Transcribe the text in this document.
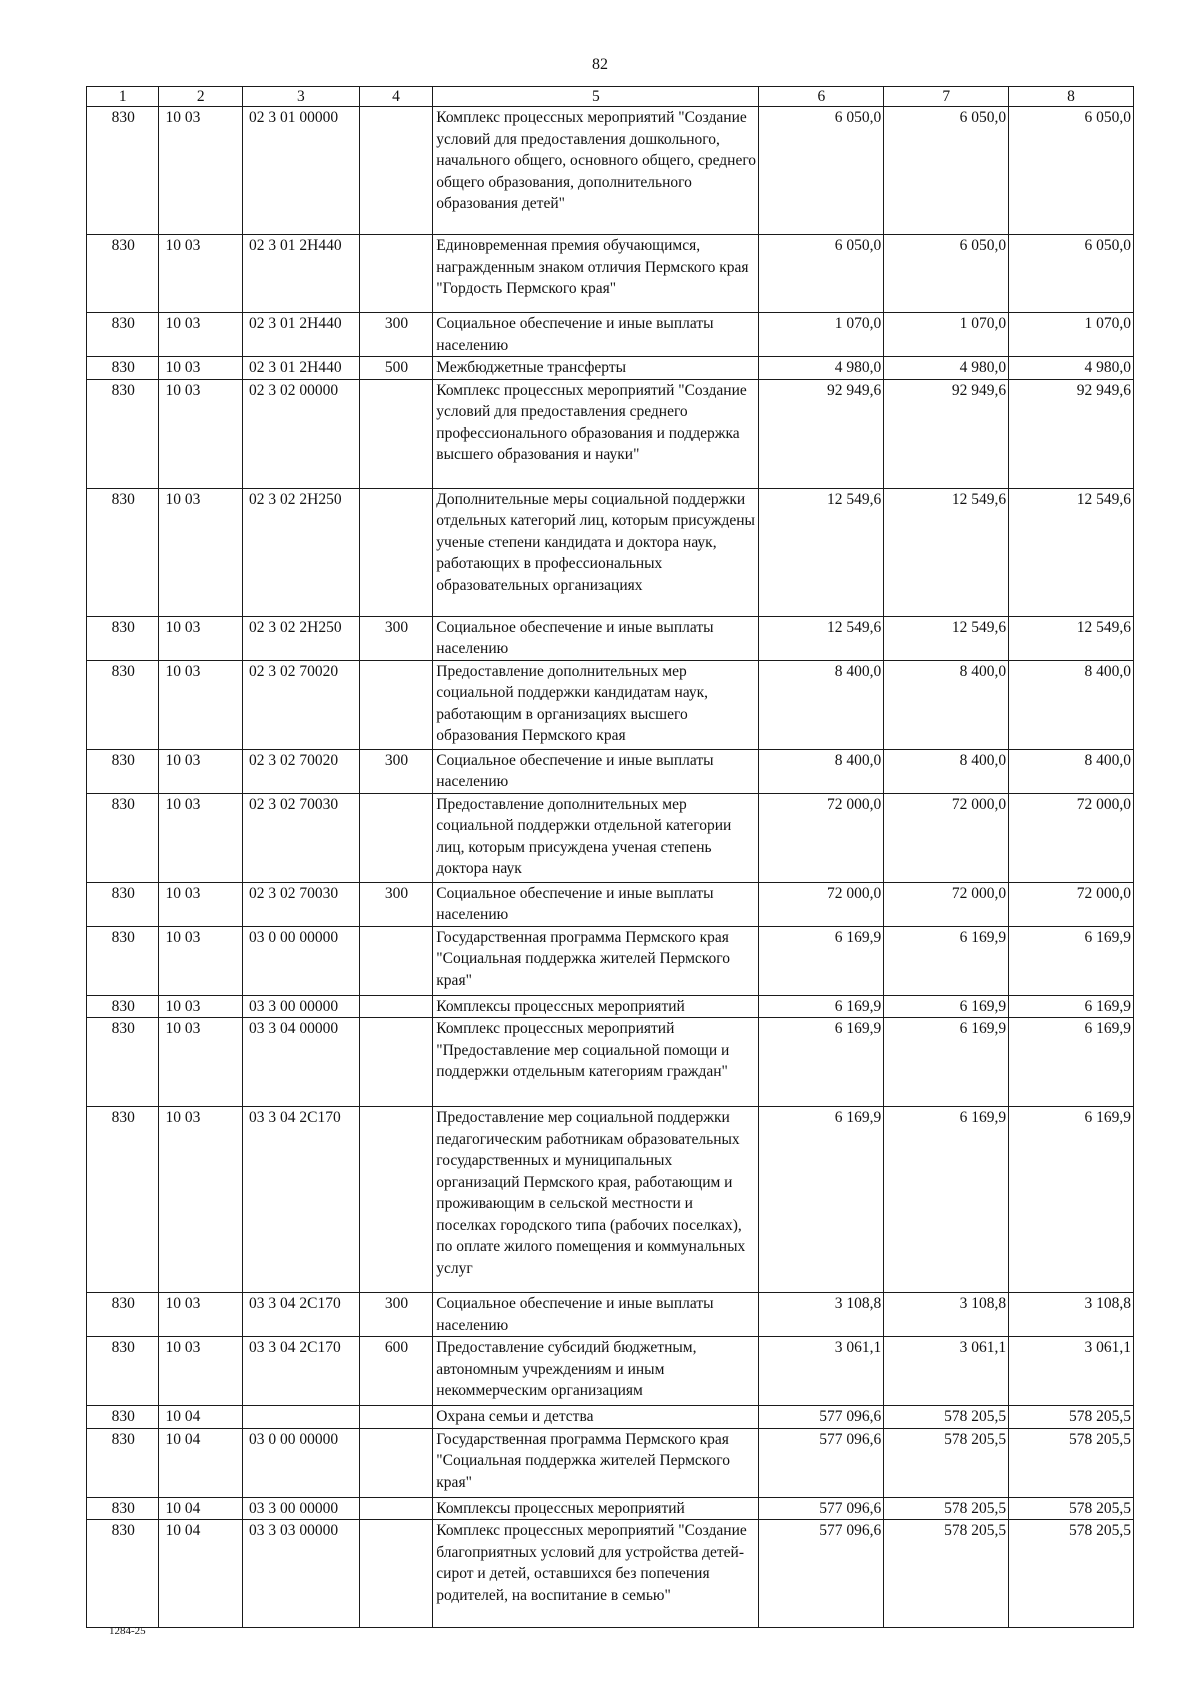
82
1	2	3	4	5	6	7	8
830	10 03	02 3 01 00000		Комплекс процессных мероприятий "Создание условий для предоставления дошкольного, начального общего, основного общего, среднего общего образования, дополнительного образования детей"	6 050,0	6 050,0	6 050,0
830	10 03	02 3 01 2Н440		Единовременная премия обучающимся, награжденным знаком отличия Пермского края "Гордость Пермского края"	6 050,0	6 050,0	6 050,0
830	10 03	02 3 01 2Н440	300	Социальное обеспечение и иные выплаты населению	1 070,0	1 070,0	1 070,0
830	10 03	02 3 01 2Н440	500	Межбюджетные трансферты	4 980,0	4 980,0	4 980,0
830	10 03	02 3 02 00000		Комплекс процессных мероприятий "Создание условий для предоставления среднего профессионального образования и поддержка высшего образования и науки"	92 949,6	92 949,6	92 949,6
830	10 03	02 3 02 2Н250		Дополнительные меры социальной поддержки отдельных категорий лиц, которым присуждены ученые степени кандидата и доктора наук, работающих в профессиональных образовательных организациях	12 549,6	12 549,6	12 549,6
830	10 03	02 3 02 2Н250	300	Социальное обеспечение и иные выплаты населению	12 549,6	12 549,6	12 549,6
830	10 03	02 3 02 70020		Предоставление дополнительных мер социальной поддержки кандидатам наук, работающим в организациях высшего образования Пермского края	8 400,0	8 400,0	8 400,0
830	10 03	02 3 02 70020	300	Социальное обеспечение и иные выплаты населению	8 400,0	8 400,0	8 400,0
830	10 03	02 3 02 70030		Предоставление дополнительных мер социальной поддержки отдельной категории лиц, которым присуждена ученая степень доктора наук	72 000,0	72 000,0	72 000,0
830	10 03	02 3 02 70030	300	Социальное обеспечение и иные выплаты населению	72 000,0	72 000,0	72 000,0
830	10 03	03 0 00 00000		Государственная программа Пермского края "Социальная поддержка жителей Пермского края"	6 169,9	6 169,9	6 169,9
830	10 03	03 3 00 00000		Комплексы процессных мероприятий	6 169,9	6 169,9	6 169,9
830	10 03	03 3 04 00000		Комплекс процессных мероприятий "Предоставление мер социальной помощи и поддержки отдельным категориям граждан"	6 169,9	6 169,9	6 169,9
830	10 03	03 3 04 2С170		Предоставление мер социальной поддержки педагогическим работникам образовательных государственных и муниципальных организаций Пермского края, работающим и проживающим в сельской местности и поселках городского типа (рабочих поселках), по оплате жилого помещения и коммунальных услуг	6 169,9	6 169,9	6 169,9
830	10 03	03 3 04 2С170	300	Социальное обеспечение и иные выплаты населению	3 108,8	3 108,8	3 108,8
830	10 03	03 3 04 2С170	600	Предоставление субсидий бюджетным, автономным учреждениям и иным некоммерческим организациям	3 061,1	3 061,1	3 061,1
830	10 04			Охрана семьи и детства	577 096,6	578 205,5	578 205,5
830	10 04	03 0 00 00000		Государственная программа Пермского края "Социальная поддержка жителей Пермского края"	577 096,6	578 205,5	578 205,5
830	10 04	03 3 00 00000		Комплексы процессных мероприятий	577 096,6	578 205,5	578 205,5
830	10 04	03 3 03 00000		Комплекс процессных мероприятий "Создание благоприятных условий для устройства детей-сирот и детей, оставшихся без попечения родителей, на воспитание в семью"	577 096,6	578 205,5	578 205,5
1284-25
